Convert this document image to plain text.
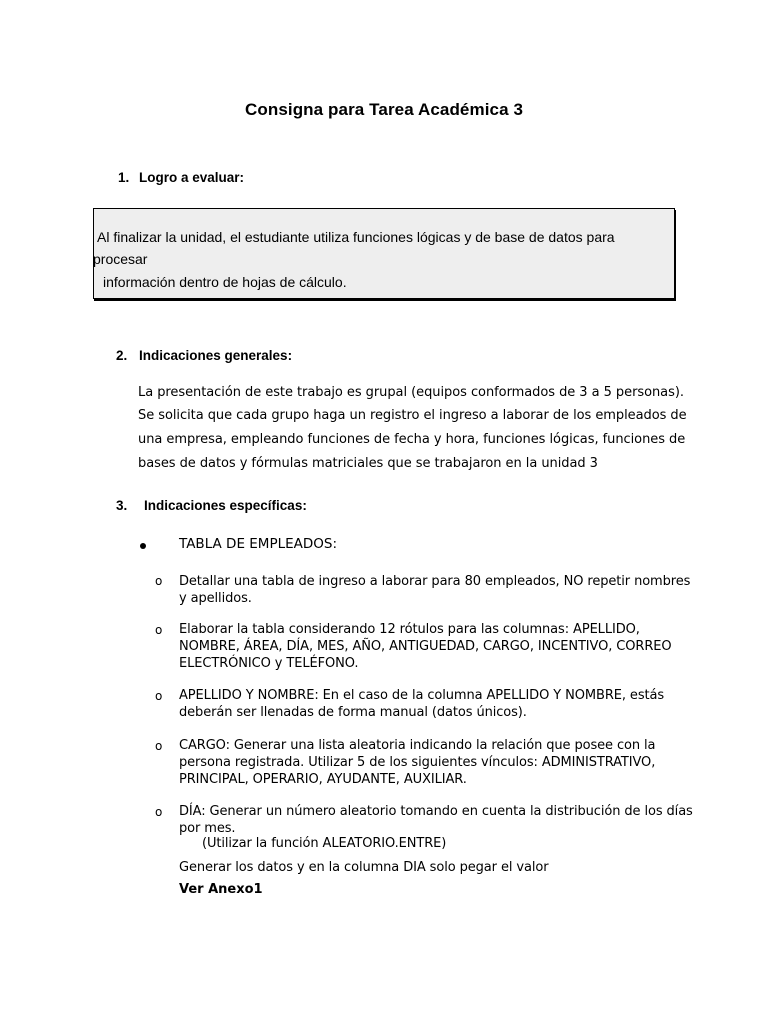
Consigna para Tarea Académica 3
1. Logro a evaluar:
Al finalizar la unidad, el estudiante utiliza funciones lógicas y de base de datos para
procesar
información dentro de hojas de cálculo.
2. Indicaciones generales:
La presentación de este trabajo es grupal (equipos conformados de 3 a 5 personas).
Se solicita que cada grupo haga un registro el ingreso a laborar de los empleados de
una empresa, empleando funciones de fecha y hora, funciones lógicas, funciones de
bases de datos y fórmulas matriciales que se trabajaron en la unidad 3
3. Indicaciones específicas:
TABLA DE EMPLEADOS:
o Detallar una tabla de ingreso a laborar para 80 empleados, NO repetir nombres
y apellidos.
o Elaborar la tabla considerando 12 rótulos para las columnas: APELLIDO,
NOMBRE, ÁREA, DÍA, MES, AÑO, ANTIGUEDAD, CARGO, INCENTIVO, CORREO
ELECTRÓNICO y TELÉFONO.
o APELLIDO Y NOMBRE: En el caso de la columna APELLIDO Y NOMBRE, estás
deberán ser llenadas de forma manual (datos únicos).
o CARGO: Generar una lista aleatoria indicando la relación que posee con la
persona registrada. Utilizar 5 de los siguientes vínculos: ADMINISTRATIVO,
PRINCIPAL, OPERARIO, AYUDANTE, AUXILIAR.
o DÍA: Generar un número aleatorio tomando en cuenta la distribución de los días
por mes.
(Utilizar la función ALEATORIO.ENTRE)
Generar los datos y en la columna DIA solo pegar el valor
Ver Anexo1
